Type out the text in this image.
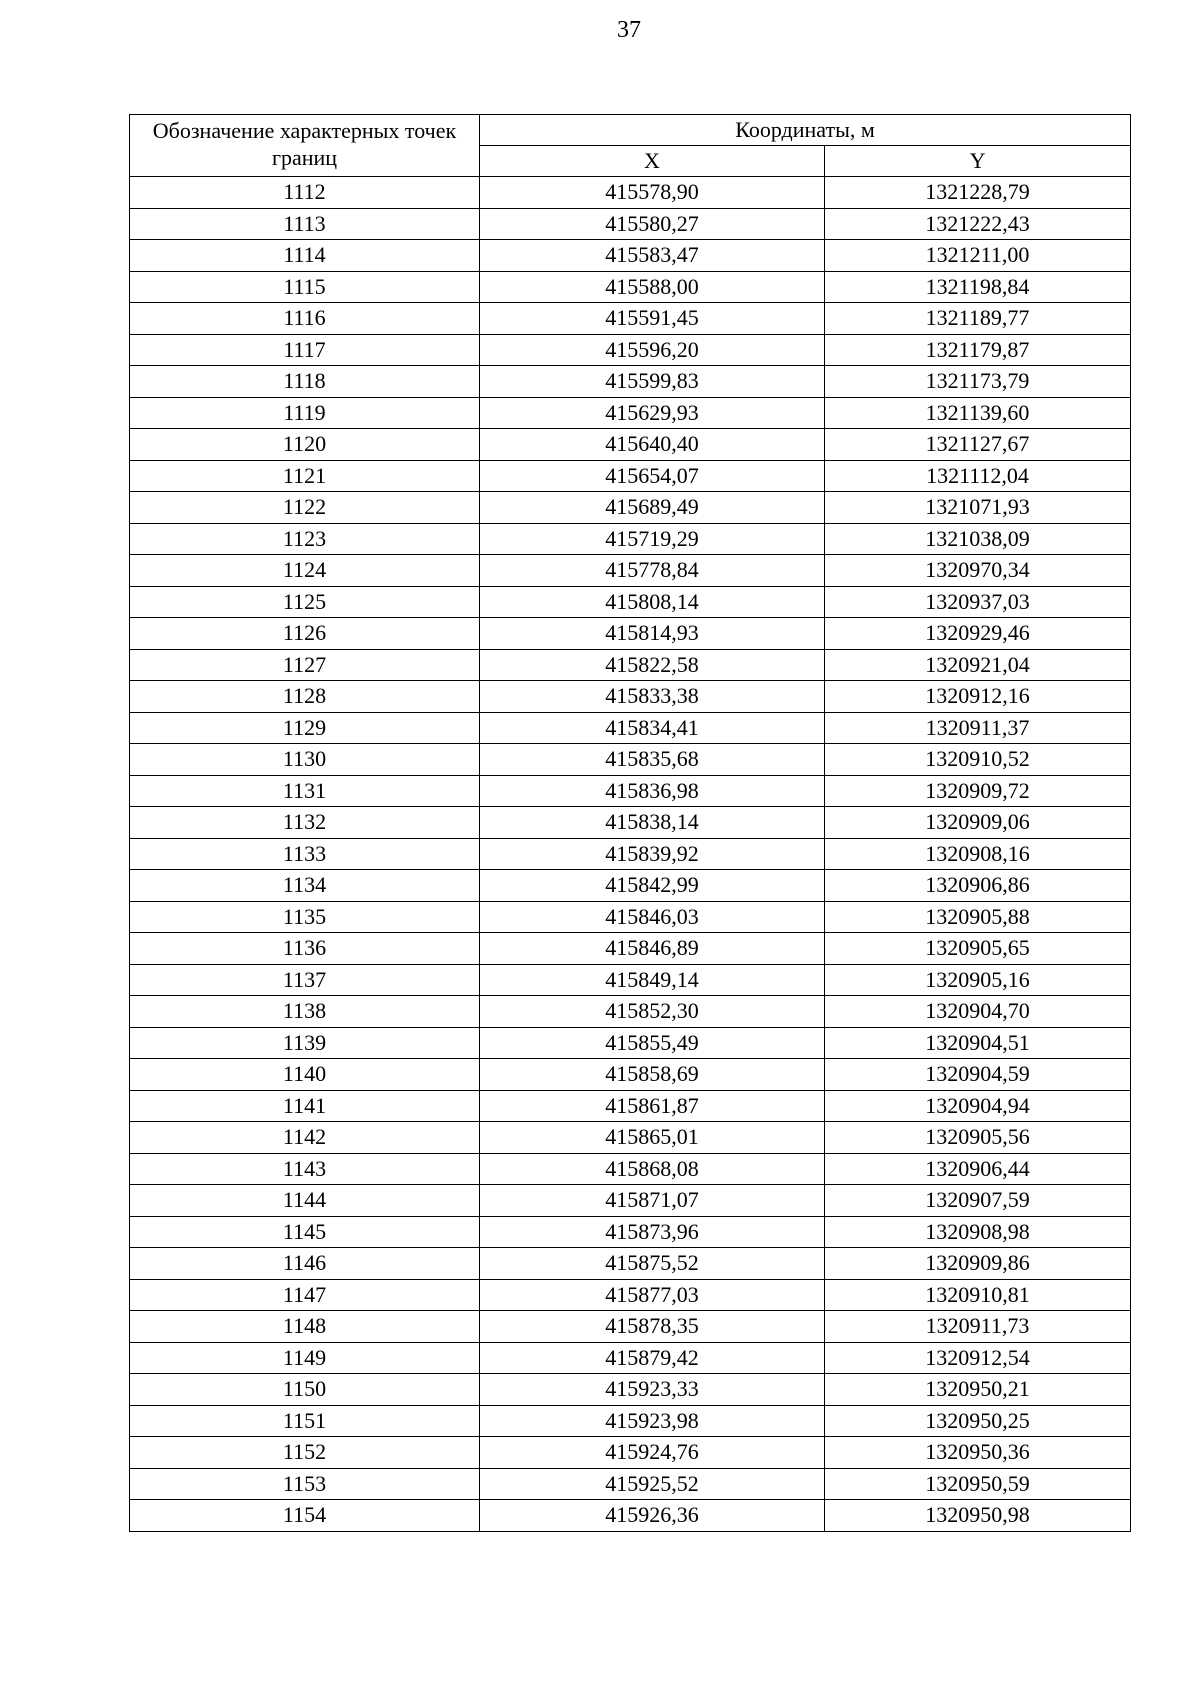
37
Обозначение характерных точек границ	Координаты, м	
	X	Y
1112	415578,90	1321228,79
1113	415580,27	1321222,43
1114	415583,47	1321211,00
1115	415588,00	1321198,84
1116	415591,45	1321189,77
1117	415596,20	1321179,87
1118	415599,83	1321173,79
1119	415629,93	1321139,60
1120	415640,40	1321127,67
1121	415654,07	1321112,04
1122	415689,49	1321071,93
1123	415719,29	1321038,09
1124	415778,84	1320970,34
1125	415808,14	1320937,03
1126	415814,93	1320929,46
1127	415822,58	1320921,04
1128	415833,38	1320912,16
1129	415834,41	1320911,37
1130	415835,68	1320910,52
1131	415836,98	1320909,72
1132	415838,14	1320909,06
1133	415839,92	1320908,16
1134	415842,99	1320906,86
1135	415846,03	1320905,88
1136	415846,89	1320905,65
1137	415849,14	1320905,16
1138	415852,30	1320904,70
1139	415855,49	1320904,51
1140	415858,69	1320904,59
1141	415861,87	1320904,94
1142	415865,01	1320905,56
1143	415868,08	1320906,44
1144	415871,07	1320907,59
1145	415873,96	1320908,98
1146	415875,52	1320909,86
1147	415877,03	1320910,81
1148	415878,35	1320911,73
1149	415879,42	1320912,54
1150	415923,33	1320950,21
1151	415923,98	1320950,25
1152	415924,76	1320950,36
1153	415925,52	1320950,59
1154	415926,36	1320950,98
